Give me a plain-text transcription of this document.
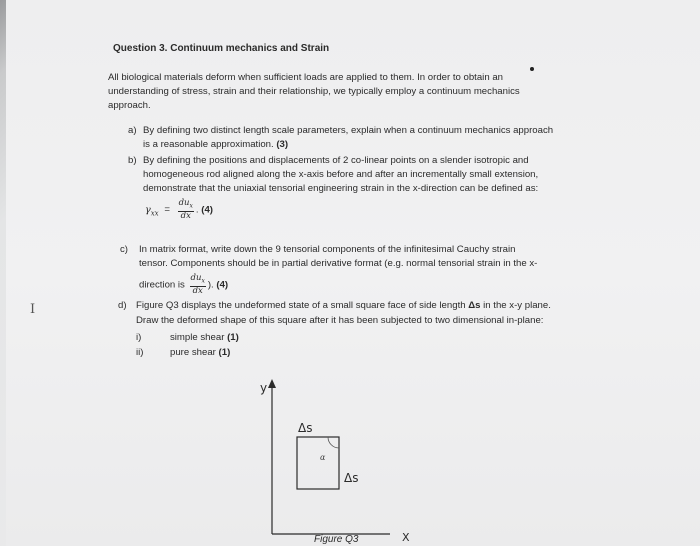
Question 3. Continuum mechanics and Strain
All biological materials deform when sufficient loads are applied to them. In order to obtain an
understanding of stress, strain and their relationship, we typically employ a continuum mechanics
approach.
a) By defining two distinct length scale parameters, explain when a continuum mechanics approach
is a reasonable approximation. (3)
b) By defining the positions and displacements of 2 co-linear points on a slender isotropic and
homogeneous rod aligned along the x-axis before and after an incrementally small extension,
demonstrate that the uniaxial tensorial engineering strain in the x-direction can be defined as:
$\gamma_{xx} = \frac{du_x}{dx}$ . (4)
c) In matrix format, write down the 9 tensorial components of the infinitesimal Cauchy strain
tensor. Components should be in partial derivative format (e.g. normal tensorial strain in the x-
direction is $\frac{du_x}{dx}$ ). (4)
d) Figure Q3 displays the undeformed state of a small square face of side length Δs in the x-y plane.
Draw the deformed shape of this square after it has been subjected to two dimensional in-plane:
i)	simple shear (1)
ii)	pure shear (1)
I
y
Δs
α
Δs
Figure Q3	X
